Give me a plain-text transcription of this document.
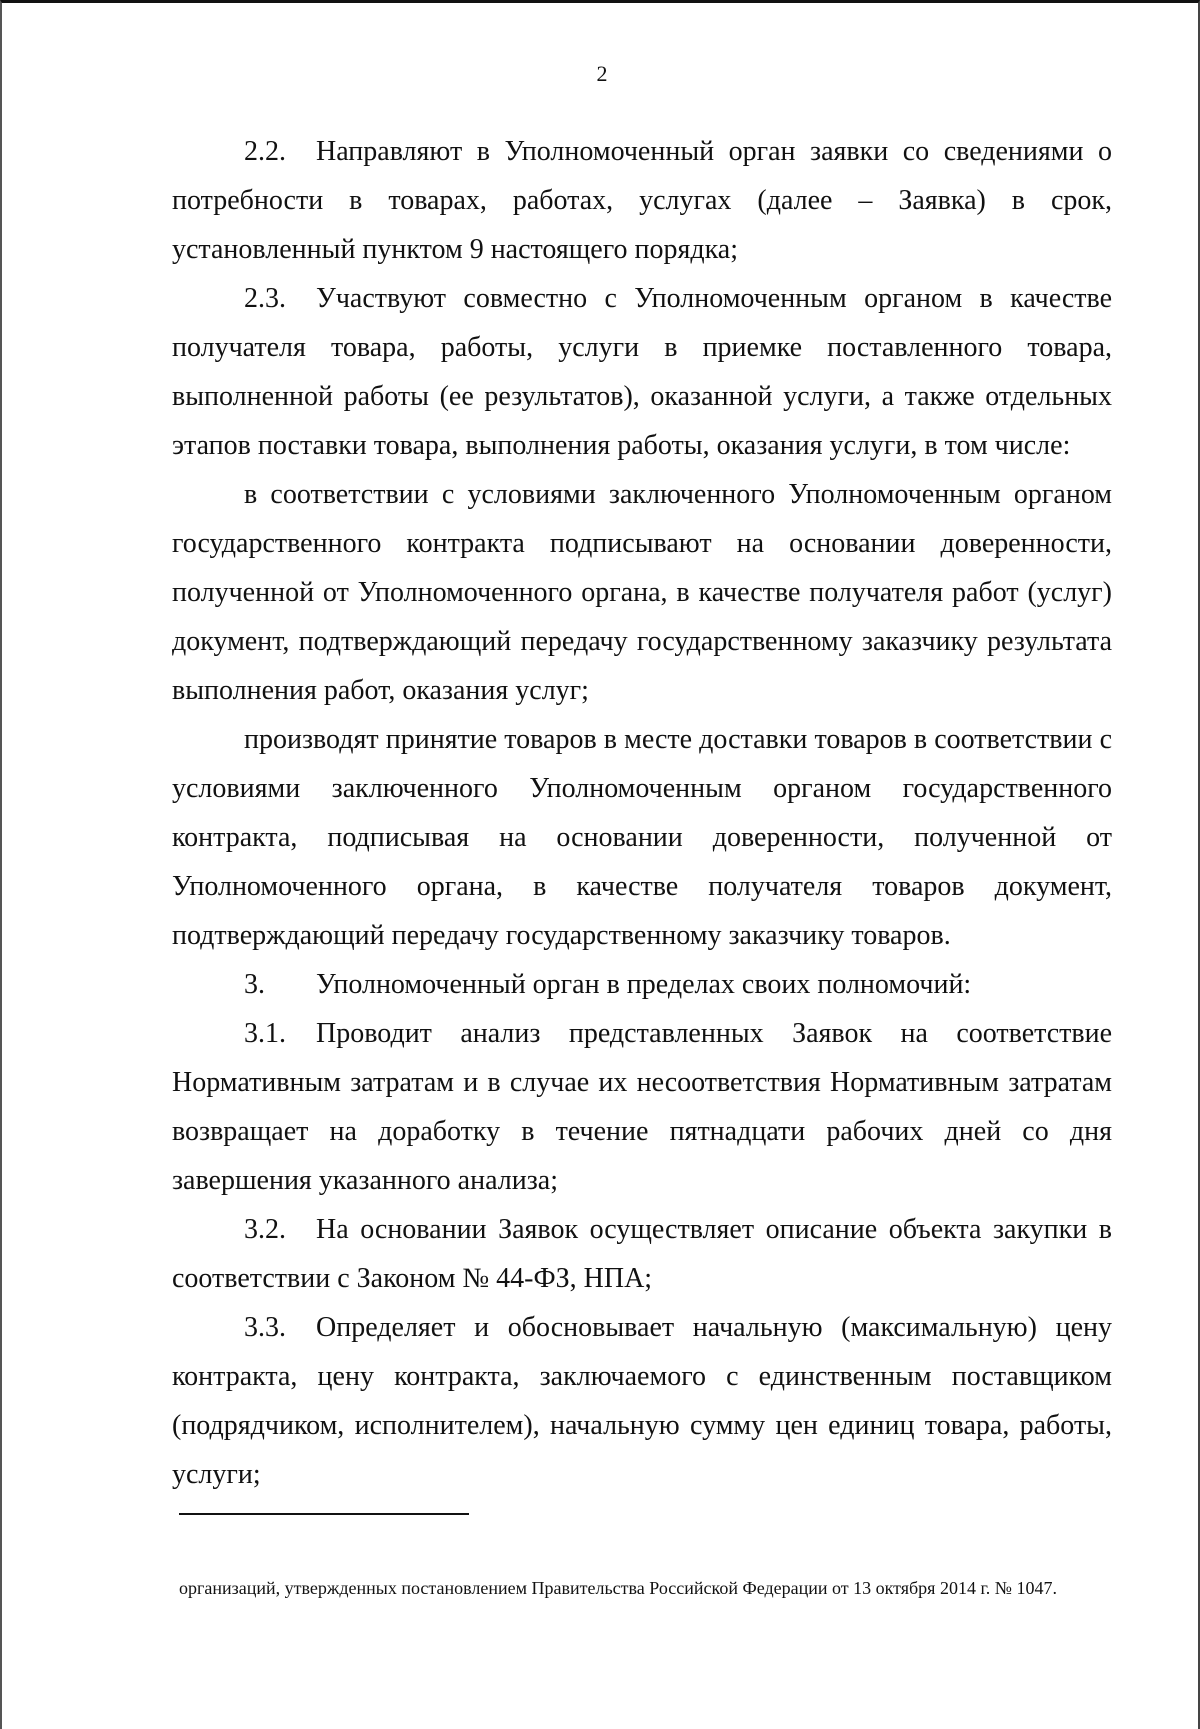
2

2.2. Направляют в Уполномоченный орган заявки со сведениями о потребности в товарах, работах, услугах (далее – Заявка) в срок, установленный пунктом 9 настоящего порядка;

2.3. Участвуют совместно с Уполномоченным органом в качестве получателя товара, работы, услуги в приемке поставленного товара, выполненной работы (ее результатов), оказанной услуги, а также отдельных этапов поставки товара, выполнения работы, оказания услуги, в том числе:

в соответствии с условиями заключенного Уполномоченным органом государственного контракта подписывают на основании доверенности, полученной от Уполномоченного органа, в качестве получателя работ (услуг) документ, подтверждающий передачу государственному заказчику результата выполнения работ, оказания услуг;

производят принятие товаров в месте доставки товаров в соответствии с условиями заключенного Уполномоченным органом государственного контракта, подписывая на основании доверенности, полученной от Уполномоченного органа, в качестве получателя товаров документ, подтверждающий передачу государственному заказчику товаров.

3. Уполномоченный орган в пределах своих полномочий:

3.1. Проводит анализ представленных Заявок на соответствие Нормативным затратам и в случае их несоответствия Нормативным затратам возвращает на доработку в течение пятнадцати рабочих дней со дня завершения указанного анализа;

3.2. На основании Заявок осуществляет описание объекта закупки в соответствии с Законом № 44-ФЗ, НПА;

3.3. Определяет и обосновывает начальную (максимальную) цену контракта, цену контракта, заключаемого с единственным поставщиком (подрядчиком, исполнителем), начальную сумму цен единиц товара, работы, услуги;

организаций, утвержденных постановлением Правительства Российской Федерации от 13 октября 2014 г. № 1047.
